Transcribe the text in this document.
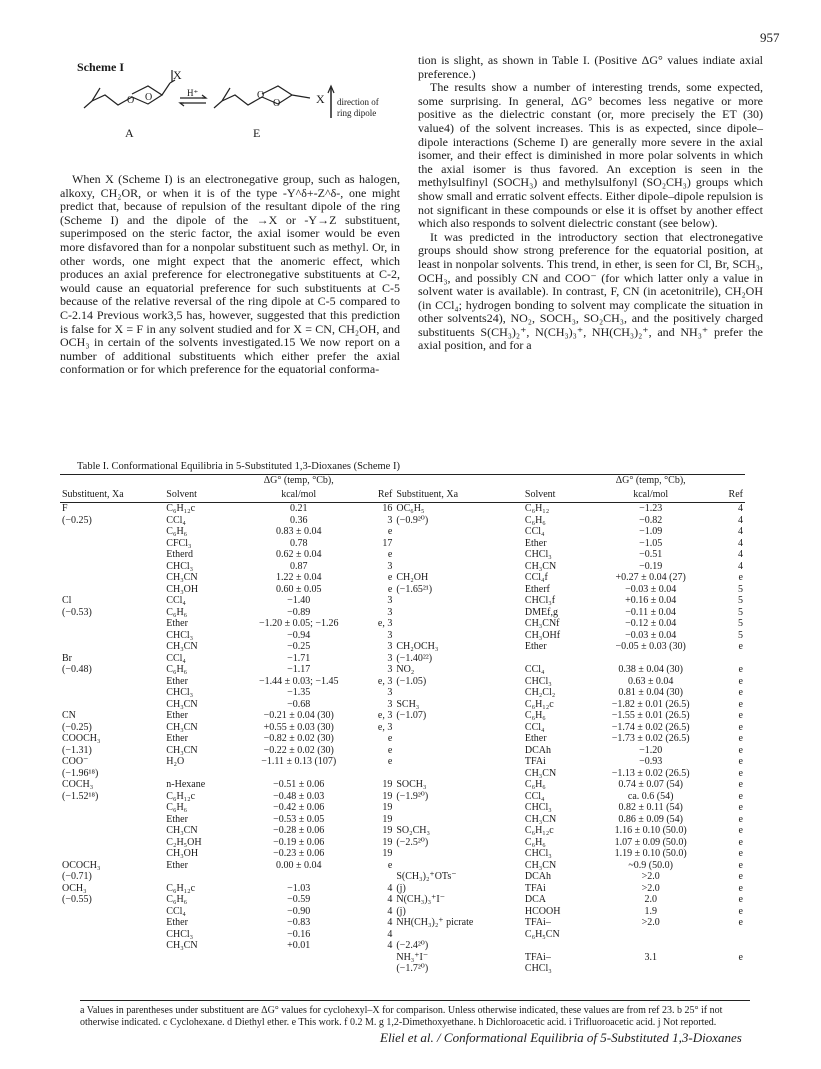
957
Scheme I
X
H⁺	X direction of
ring dipole
A	E
O
O	O
O

When X (Scheme I) is an electronegative group, such as halogen, alkoxy, CH₂OR, or when it is of the type -Y^δ+-Z^δ-, one might predict that, because of repulsion of the resultant dipole of the ring (Scheme I) and the dipole of the →X or -Y→Z substituent, superimposed on the steric factor, the axial isomer would be even more disfavored than for a nonpolar substituent such as methyl. Or, in other words, one might expect that the anomeric effect, which produces an axial preference for electronegative substituents at C-2, would cause an equatorial preference for such substituents at C-5 because of the relative reversal of the ring dipole at C-5 compared to C-2.14 Previous work3,5 has, however, suggested that this prediction is false for X = F in any solvent studied and for X = CN, CH₂OH, and OCH₃ in certain of the solvents investigated.15 We now report on a number of additional substituents which either prefer the axial conformation or for which preference for the equatorial conforma-

tion is slight, as shown in Table I. (Positive ΔG° values indiate axial preference.)

The results show a number of interesting trends, some expected, some surprising. In general, ΔG° becomes less negative or more positive as the dielectric constant (or, more precisely the ET (30) value4) of the solvent increases. This is as expected, since dipole–dipole interactions (Scheme I) are generally more severe in the axial isomer, and their effect is diminished in more polar solvents in which the axial isomer is thus favored. An exception is seen in the methylsulfinyl (SOCH₃) and methylsulfonyl (SO₂CH₃) groups which show small and erratic solvent effects. Either dipole–dipole repulsion is not significant in these compounds or else it is offset by another effect which also responds to solvent dielectric constant (see below).

It was predicted in the introductory section that electronegative groups should show strong preference for the equatorial position, at least in nonpolar solvents. This trend, in ether, is seen for Cl, Br, SCH₃, OCH₃, and possibly CN and COO⁻ (for which latter only a value in solvent water is available). In contrast, F, CN (in acetonitrile), CH₂OH (in CCl₄; hydrogen bonding to solvent may complicate the situation in other solvents24), NO₂, SOCH₃, SO₂CH₃, and the positively charged substituents S(CH₃)₂⁺, N(CH₃)₃⁺, NH(CH₃)₂⁺, and NH₃⁺ prefer the axial position, and for a

Table I. Conformational Equilibria in 5-Substituted 1,3-Dioxanes (Scheme I)
		ΔG° (temp, °Cb),				ΔG° (temp, °Cb),	
Substituent, Xa	Solvent	kcal/mol	Ref	Substituent, Xa	Solvent	kcal/mol	Ref
F	C₆H₁₂c	0.21	16	OC₆H₅	C₆H₁₂	−1.23	4
(−0.25)	CCl₄	0.36	3	(−0.9²⁰)	C₆H₆	−0.82	4
	C₆H₆	0.83 ± 0.04	e		CCl₄	−1.09	4
	CFCl₃	0.78	17		Ether	−1.05	4
	Etherd	0.62 ± 0.04	e		CHCl₃	−0.51	4
	CHCl₃	0.87	3		CH₃CN	−0.19	4
	CH₃CN	1.22 ± 0.04	e	CH₂OH	CCl₄f	+0.27 ± 0.04 (27)	e
	CH₃OH	0.60 ± 0.05	e	(−1.65²¹)	Etherf	−0.03 ± 0.04	5
Cl	CCl₄	−1.40	3		CHCl₃f	+0.16 ± 0.04	5
(−0.53)	C₆H₆	−0.89	3		DMEf,g	−0.11 ± 0.04	5
	Ether	−1.20 ± 0.05; −1.26	e, 3		CH₃CNf	−0.12 ± 0.04	5
	CHCl₃	−0.94	3		CH₃OHf	−0.03 ± 0.04	5
	CH₃CN	−0.25	3	CH₂OCH₃	Ether	−0.05 ± 0.03 (30)	e
Br	CCl₄	−1.71	3	(−1.40²²)			
(−0.48)	C₆H₆	−1.17	3	NO₂	CCl₄	0.38 ± 0.04 (30)	e
	Ether	−1.44 ± 0.03; −1.45	e, 3	(−1.05)	CHCl₃	0.63 ± 0.04	e
	CHCl₃	−1.35	3		CH₂Cl₂	0.81 ± 0.04 (30)	e
	CH₃CN	−0.68	3	SCH₃	C₆H₁₂c	−1.82 ± 0.01 (26.5)	e
CN	Ether	−0.21 ± 0.04 (30)	e, 3	(−1.07)	C₆H₆	−1.55 ± 0.01 (26.5)	e
(−0.25)	CH₃CN	+0.55 ± 0.03 (30)	e, 3		CCl₄	−1.74 ± 0.02 (26.5)	e
COOCH₃	Ether	−0.82 ± 0.02 (30)	e		Ether	−1.73 ± 0.02 (26.5)	e
(−1.31)	CH₃CN	−0.22 ± 0.02 (30)	e		DCAh	−1.20	e
COO⁻	H₂O	−1.11 ± 0.13 (107)	e		TFAi	−0.93	e
(−1.96¹⁸)					CH₃CN	−1.13 ± 0.02 (26.5)	e
COCH₃	n-Hexane	−0.51 ± 0.06	19	SOCH₃	C₆H₆	0.74 ± 0.07 (54)	e
(−1.52¹⁸)	C₆H₁₂c	−0.48 ± 0.03	19	(−1.9²⁰)	CCl₄	ca. 0.6 (54)	e
	C₆H₆	−0.42 ± 0.06	19		CHCl₃	0.82 ± 0.11 (54)	e
	Ether	−0.53 ± 0.05	19		CH₃CN	0.86 ± 0.09 (54)	e
	CH₃CN	−0.28 ± 0.06	19	SO₂CH₃	C₆H₁₂c	1.16 ± 0.10 (50.0)	e
	C₂H₅OH	−0.19 ± 0.06	19	(−2.5²⁰)	C₆H₆	1.07 ± 0.09 (50.0)	e
	CH₃OH	−0.23 ± 0.06	19		CHCl₃	1.19 ± 0.10 (50.0)	e
OCOCH₃	Ether	0.00 ± 0.04	e		CH₃CN	~0.9 (50.0)	e
(−0.71)				S(CH₃)₂⁺OTs⁻	DCAh	>2.0	e
OCH₃	C₆H₁₂c	−1.03	4	(j)	TFAi	>2.0	e
(−0.55)	C₆H₆	−0.59	4	N(CH₃)₃⁺I⁻	DCA	2.0	e
	CCl₄	−0.90	4	(j)	HCOOH	1.9	e
	Ether	−0.83	4	NH(CH₃)₂⁺ picrate	TFAi–	>2.0	e
	CHCl₃	−0.16	4		C₆H₅CN		
	CH₃CN	+0.01	4	(−2.4²⁰)			
				NH₃⁺I⁻	TFAi–	3.1	e
				(−1.7²⁰)	CHCl₃		
a Values in parentheses under substituent are ΔG° values for cyclohexyl–X for comparison. Unless otherwise indicated, these values are from ref 23. b 25° if not otherwise indicated. c Cyclohexane. d Diethyl ether. e This work. f 0.2 M. g 1,2-Dimethoxyethane. h Dichloroacetic acid. i Trifluoroacetic acid. j Not reported.
Eliel et al. / Conformational Equilibria of 5-Substituted 1,3-Dioxanes
